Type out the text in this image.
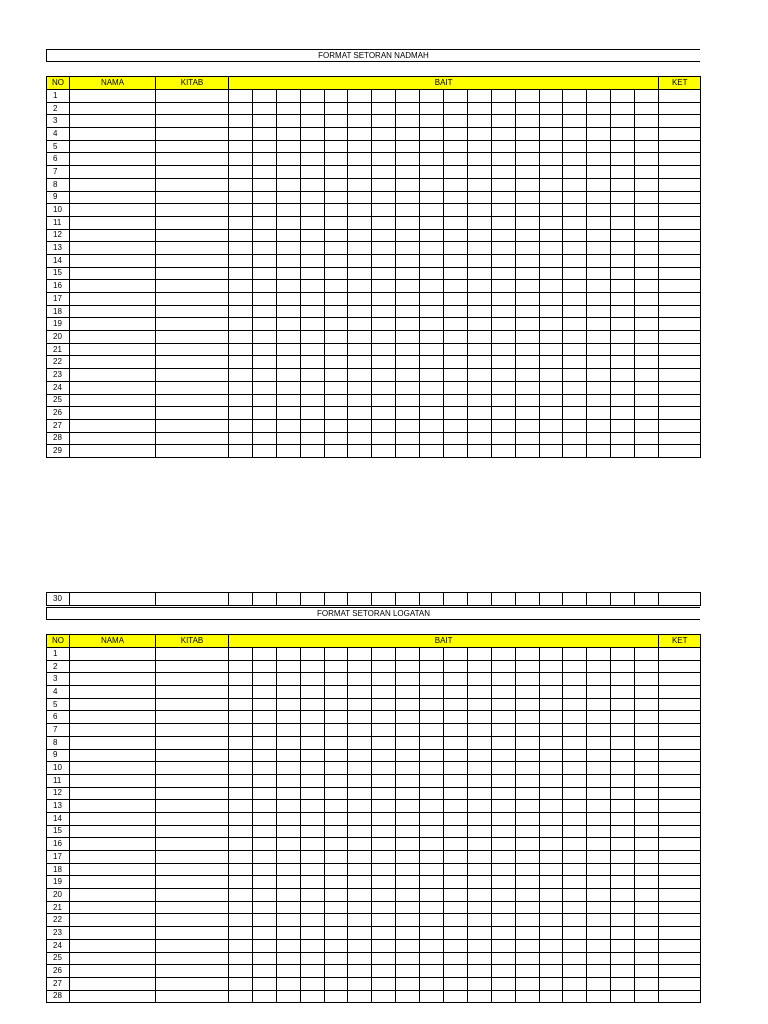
FORMAT SETORAN NADMAH
NO	NAMA	KITAB	BAIT																		KET
1																					
2																					
3																					
4																					
5																					
6																					
7																					
8																					
9																					
10																					
11																					
12																					
13																					
14																					
15																					
16																					
17																					
18																					
19																					
20																					
21																					
22																					
23																					
24																					
25																					
26																					
27																					
28																					
29																					
30																					
FORMAT SETORAN LOGATAN
NO	NAMA	KITAB	BAIT																		KET
1																					
2																					
3																					
4																					
5																					
6																					
7																					
8																					
9																					
10																					
11																					
12																					
13																					
14																					
15																					
16																					
17																					
18																					
19																					
20																					
21																					
22																					
23																					
24																					
25																					
26																					
27																					
28																					
